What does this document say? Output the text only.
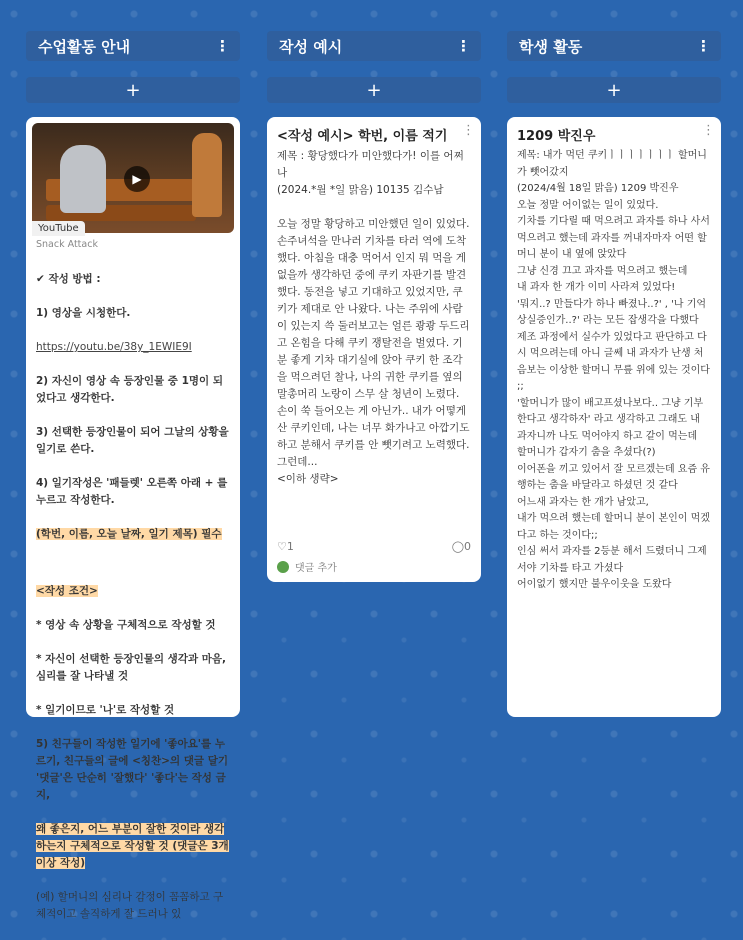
수업활동 안내	⋮
+
▶
YouTube
Snack Attack

✔ 작성 방법 :

1) 영상을 시청한다.

https://youtu.be/38y_1EWIE9I

2) 자신이 영상 속 등장인물 중 1명이 되었다고 생각한다.

3) 선택한 등장인물이 되어 그날의 상황을 일기로 쓴다.

4) 일기작성은 '패들렛' 오른쪽 아래 + 를 누르고 작성한다.

(학번, 이름, 오늘 날짜, 일기 제목) 필수

<작성 조건>

* 영상 속 상황을 구체적으로 작성할 것

* 자신이 선택한 등장인물의 생각과 마음, 심리를 잘 나타낼 것

* 일기이므로 '나'로 작성할 것

5) 친구들이 작성한 일기에 '좋아요'를 누르기, 친구들의 글에 <칭찬>의 댓글 달기 '댓글'은 단순히 '잘했다' '좋다'는 작성 금지,

왜 좋은지, 어느 부분이 잘한 것이라 생각하는지 구체적으로 작성할 것 (댓글은 3개 이상 작성)

(예) 할머니의 심리나 감정이 꼼꼼하고 구체적이고 솔직하게 잘 드러나 있

작성 예시	⋮
+
⋮
<작성 예시> 학번, 이름 적기
제목 : 황당했다가 미안했다가! 이를 어쩌나
(2024.*월 *일 맑음) 10135 김수남

오늘 정말 황당하고 미안했던 일이 있었다. 손주녀석을 만나러 기차를 타러 역에 도착했다. 아침을 대충 먹어서 인지 뭐 먹을 게 없을까 생각하던 중에 쿠키 자판기를 발견했다. 동전을 넣고 기대하고 있었지만, 쿠키가 제대로 안 나왔다. 나는 주위에 사람이 있는지 쓱 둘러보고는 얼른 쾅쾅 두드리고 온힘을 다해 쿠키 쟁탈전을 벌였다. 기분 좋게 기차 대기실에 앉아 쿠키 한 조각을 먹으려던 찰나, 나의 귀한 쿠키를 옆의 말총머리 노랑이 스무 살 청년이 노렸다. 손이 쑥 들어오는 게 아닌가.. 내가 어떻게 산 쿠키인데, 나는 너무 화가나고 아깝기도 하고 분해서 쿠키를 안 뺏기려고 노력했다. 그런데...
<이하 생략>
♡1	◯0
댓글 추가
학생 활동	⋮
+
⋮
1209 박진우
제목: 내가 먹던 쿠키ㅣㅣㅣㅣㅣㅣㅣ 할머니가 뺏어갔지
(2024/4월 18일 맑음) 1209 박진우
오늘 정말 어이없는 일이 있었다.
기차를 기다릴 때 먹으려고 과자를 하나 사서
먹으려고 했는데 과자를 꺼내자마자 어떤 할머니 분이 내 옆에 앉았다
그냥 신경 끄고 과자를 먹으려고 했는데
내 과자 한 개가 이미 사라져 있었다!
'뭐지..? 만들다가 하나 빠졌나..?' , '나 기억상실증인가..?' 라는 모든 잡생각을 다했다
제조 과정에서 실수가 있었다고 판단하고 다시 먹으려는데 아니 글쎄 내 과자가 난생 처음보는 이상한 할머니 무릎 위에 있는 것이다 ;;
'할머니가 많이 배고프셨나보다.. 그냥 기부한다고 생각하자' 라고 생각하고 그래도 내 과자니까 나도 먹어야지 하고 같이 먹는데
할머니가 갑자기 춤을 추셨다(?)
이어폰을 끼고 있어서 잘 모르겠는데 요즘 유행하는 춤을 바달라고 하셨던 것 같다
어느새 과자는 한 개가 남았고,
내가 먹으려 했는데 할머니 분이 본인이 먹겠다고 하는 것이다;;
인심 써서 과자를 2등분 해서 드렸더니 그제서야 기차를 타고 가셨다
어이없기 했지만 불우이웃을 도왔다
